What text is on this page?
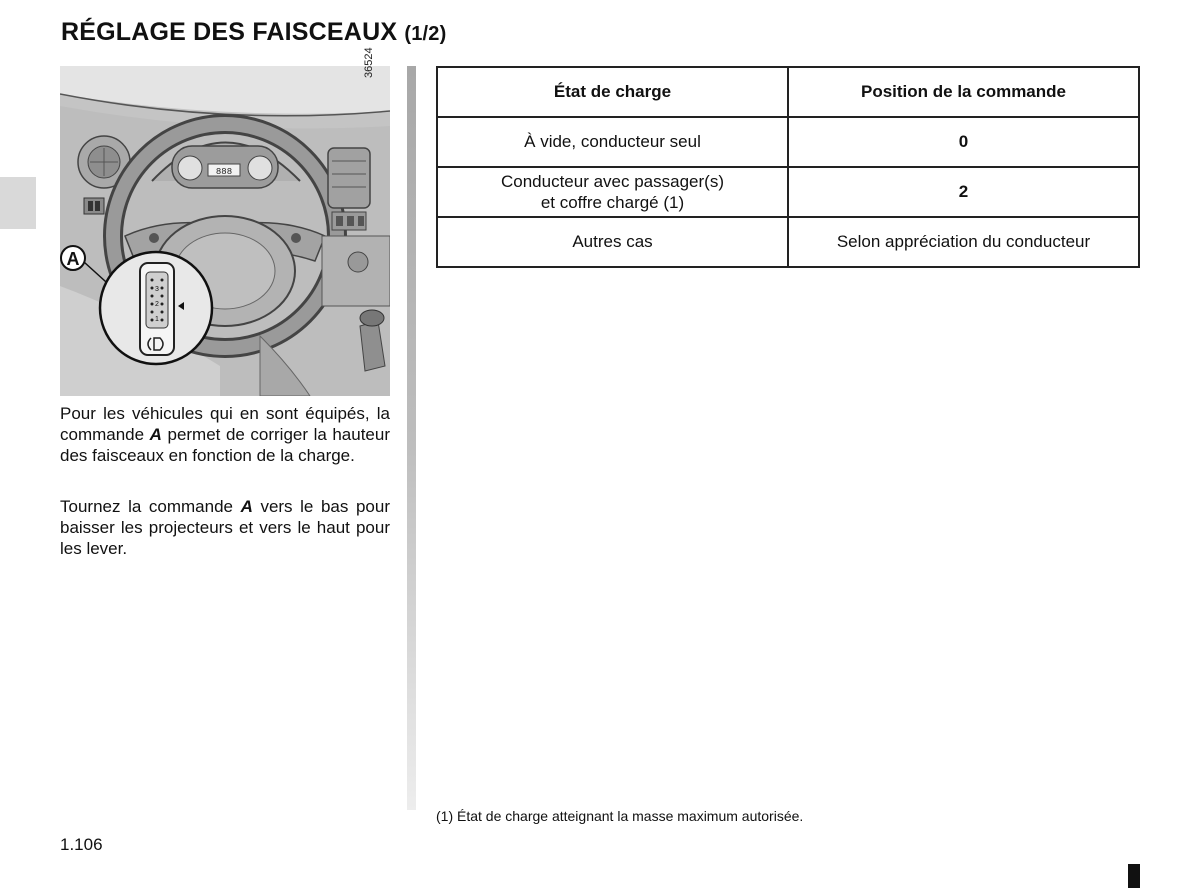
RÉGLAGE DES FAISCEAUX (1/2)
888
3
2
1
A
36524

Pour les véhicules qui en sont équipés, la commande A permet de corriger la hauteur des faisceaux en fonction de la charge.

Tournez la commande A vers le bas pour baisser les projecteurs et vers le haut pour les lever.

État de charge	Position de la commande
À vide, conducteur seul	0
Conducteur avec passager(s)
et coffre chargé (1)	2
Autres cas	Selon appréciation du conducteur

(1) État de charge atteignant la masse maximum autorisée.

1.106
